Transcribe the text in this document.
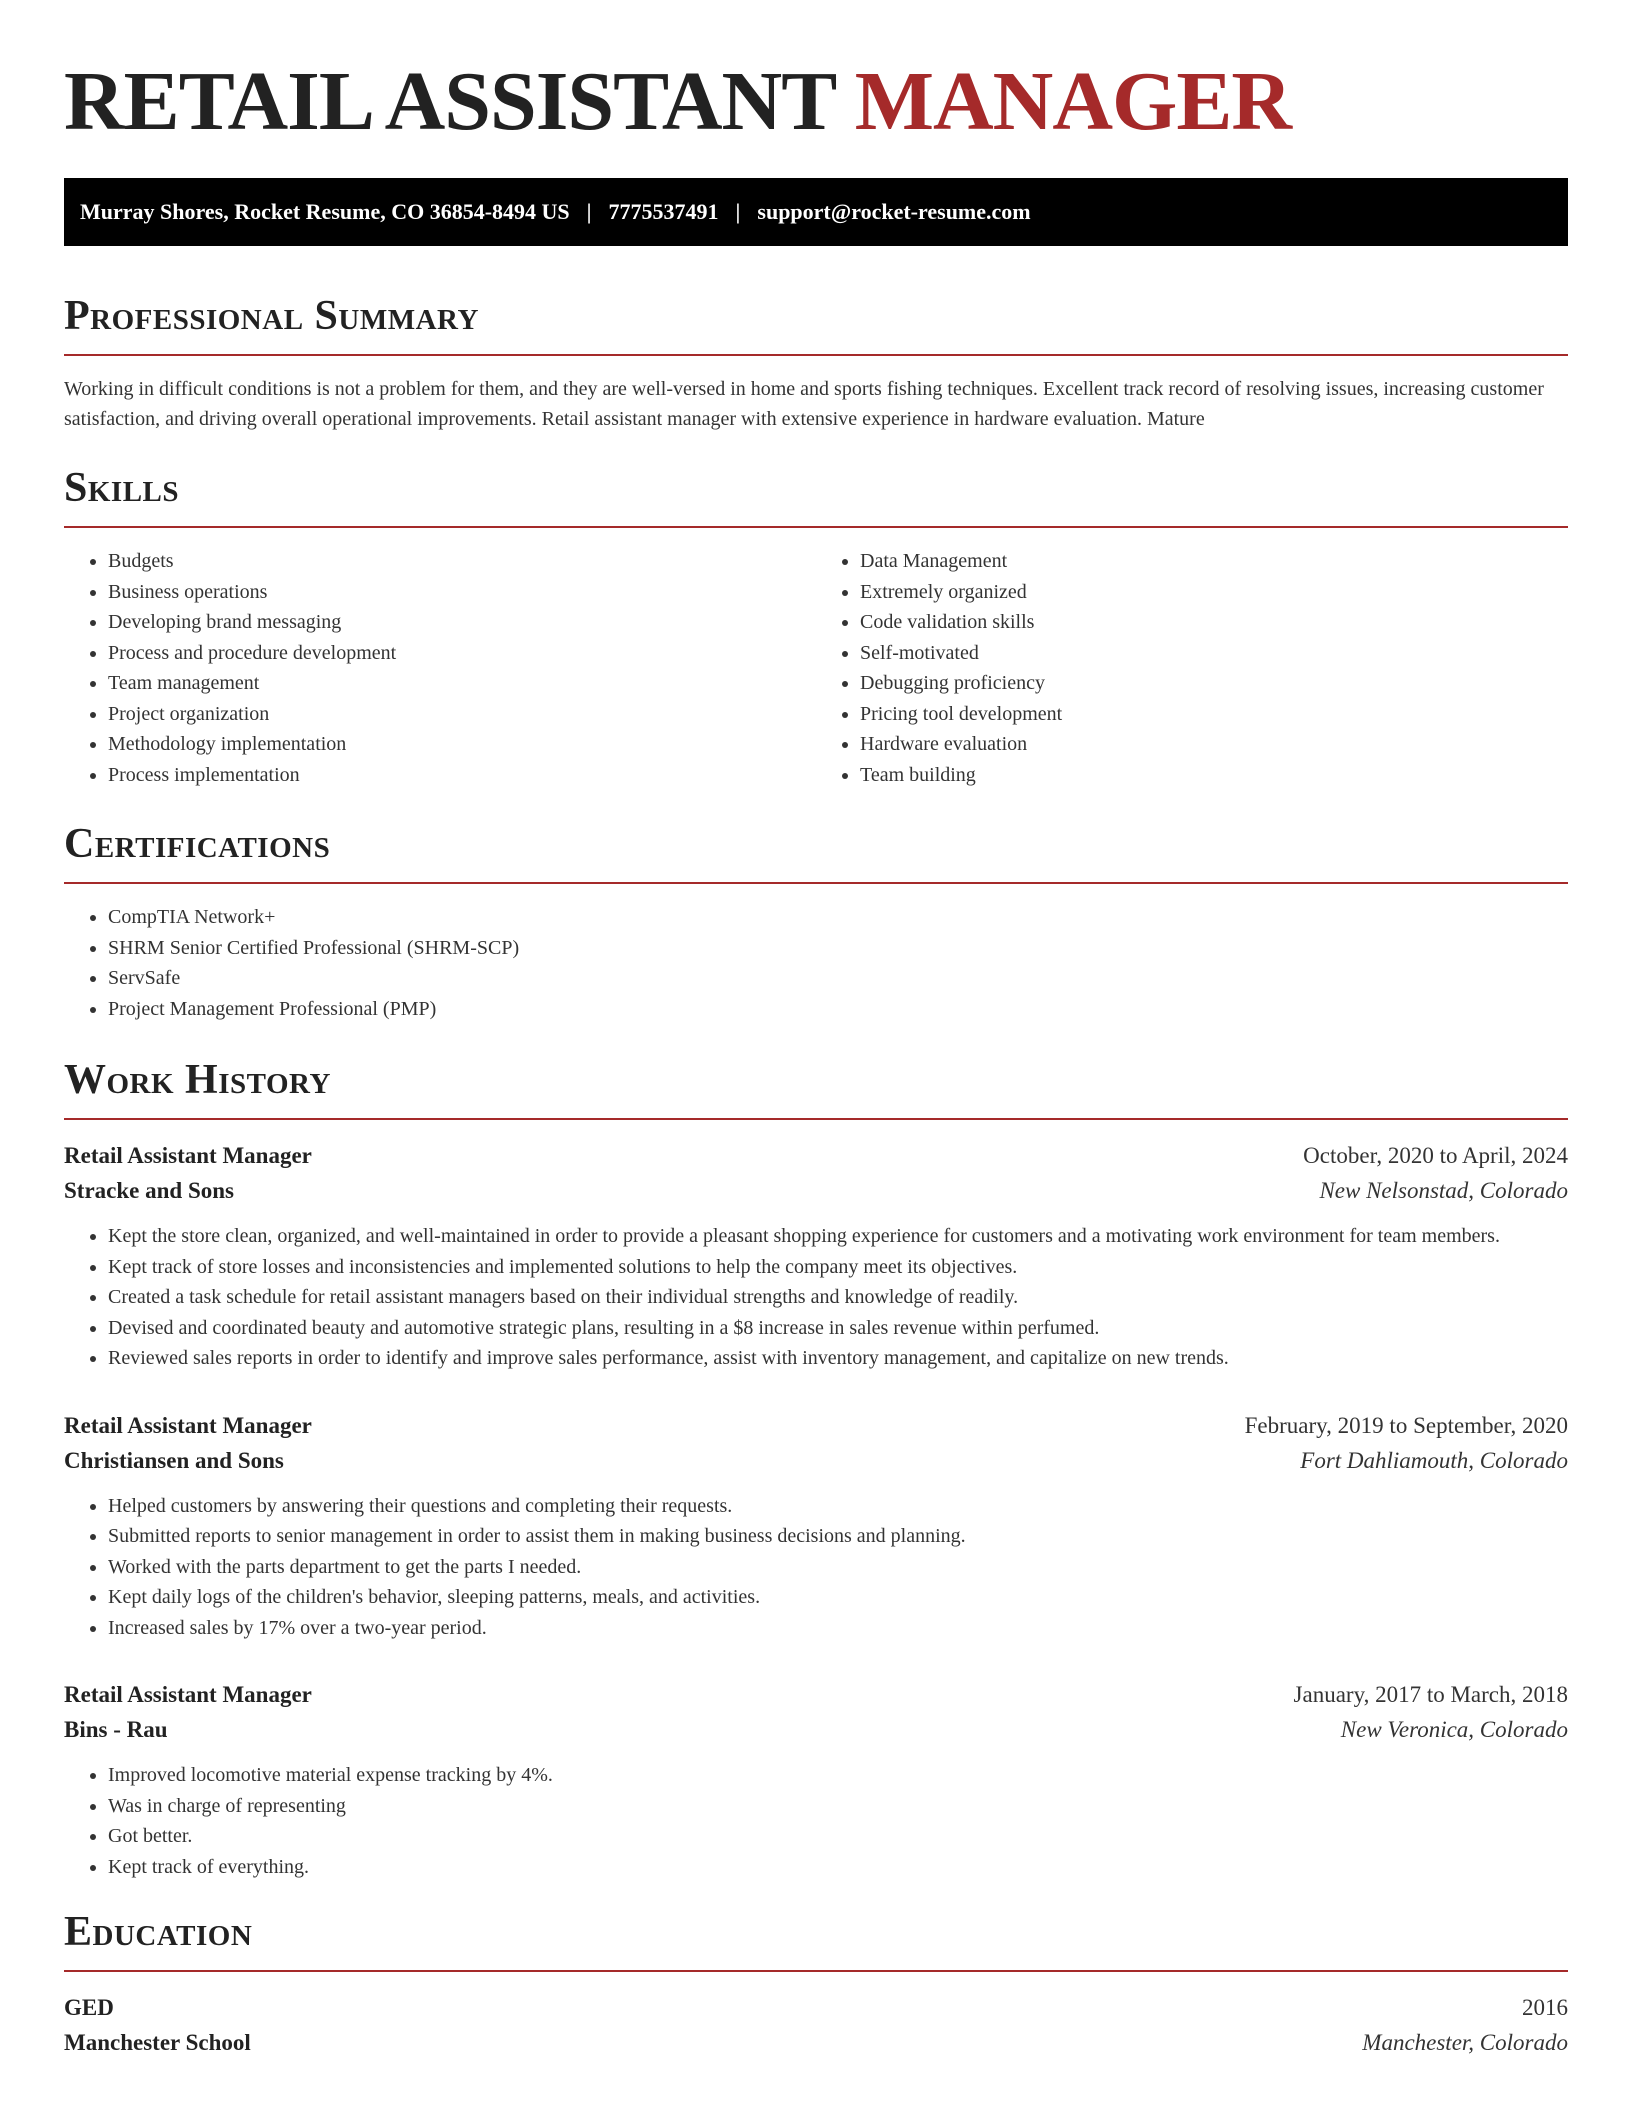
RETAIL ASSISTANT MANAGER
Murray Shores, Rocket Resume, CO 36854-8494 US | 7775537491 | support@rocket-resume.com
Professional Summary

Working in difficult conditions is not a problem for them, and they are well-versed in home and sports fishing techniques. Excellent track record of resolving issues, increasing customer satisfaction, and driving overall operational improvements. Retail assistant manager with extensive experience in hardware evaluation. Mature

Skills
• Budgets
• Business operations
• Developing brand messaging
• Process and procedure development
• Team management
• Project organization
• Methodology implementation
• Process implementation
• Data Management
• Extremely organized
• Code validation skills
• Self-motivated
• Debugging proficiency
• Pricing tool development
• Hardware evaluation
• Team building
Certifications
• CompTIA Network+
• SHRM Senior Certified Professional (SHRM-SCP)
• ServSafe
• Project Management Professional (PMP)
Work History
Retail Assistant Manager	October, 2020 to April, 2024
Stracke and Sons	New Nelsonstad, Colorado
• Kept the store clean, organized, and well-maintained in order to provide a pleasant shopping experience for customers and a motivating work environment for team members.
• Kept track of store losses and inconsistencies and implemented solutions to help the company meet its objectives.
• Created a task schedule for retail assistant managers based on their individual strengths and knowledge of readily.
• Devised and coordinated beauty and automotive strategic plans, resulting in a $8 increase in sales revenue within perfumed.
• Reviewed sales reports in order to identify and improve sales performance, assist with inventory management, and capitalize on new trends.
Retail Assistant Manager	February, 2019 to September, 2020
Christiansen and Sons	Fort Dahliamouth, Colorado
• Helped customers by answering their questions and completing their requests.
• Submitted reports to senior management in order to assist them in making business decisions and planning.
• Worked with the parts department to get the parts I needed.
• Kept daily logs of the children's behavior, sleeping patterns, meals, and activities.
• Increased sales by 17% over a two-year period.
Retail Assistant Manager	January, 2017 to March, 2018
Bins - Rau	New Veronica, Colorado
• Improved locomotive material expense tracking by 4%.
• Was in charge of representing
• Got better.
• Kept track of everything.
Education
GED	2016
Manchester School	Manchester, Colorado
